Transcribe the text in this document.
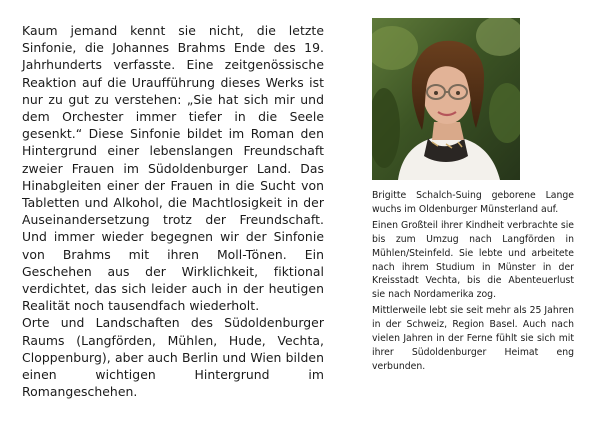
Kaum jemand kennt sie nicht, die letzte Sinfonie, die Johannes Brahms Ende des 19. Jahrhunderts verfasste. Eine zeitgenössische Reaktion auf die Uraufführung dieses Werks ist nur zu gut zu verstehen: „Sie hat sich mir und dem Orchester immer tiefer in die Seele gesenkt.“ Diese Sinfonie bildet im Roman den Hintergrund einer lebenslangen Freundschaft zweier Frauen im Südoldenburger Land. Das Hinabgleiten einer der Frauen in die Sucht von Tabletten und Alkohol, die Machtlosigkeit in der Auseinandersetzung trotz der Freundschaft. Und immer wieder begegnen wir der Sinfonie von Brahms mit ihren Moll-Tönen. Ein Geschehen aus der Wirklichkeit, fiktional verdichtet, das sich leider auch in der heutigen Realität noch tausendfach wiederholt.

Orte und Landschaften des Südoldenburger Raums (Langförden, Mühlen, Hude, Vechta, Cloppenburg), aber auch Berlin und Wien bilden einen wichtigen Hintergrund im Romangeschehen.

Brigitte Schalch-Suing geborene Lange wuchs im Oldenburger Münsterland auf.

Einen Großteil ihrer Kindheit verbrachte sie bis zum Umzug nach Langförden in Mühlen/Steinfeld. Sie lebte und arbeitete nach ihrem Studium in Münster in der Kreisstadt Vechta, bis die Abenteuerlust sie nach Nordamerika zog.

Mittlerweile lebt sie seit mehr als 25 Jahren in der Schweiz, Region Basel. Auch nach vielen Jahren in der Ferne fühlt sie sich mit ihrer Südoldenburger Heimat eng verbunden.
